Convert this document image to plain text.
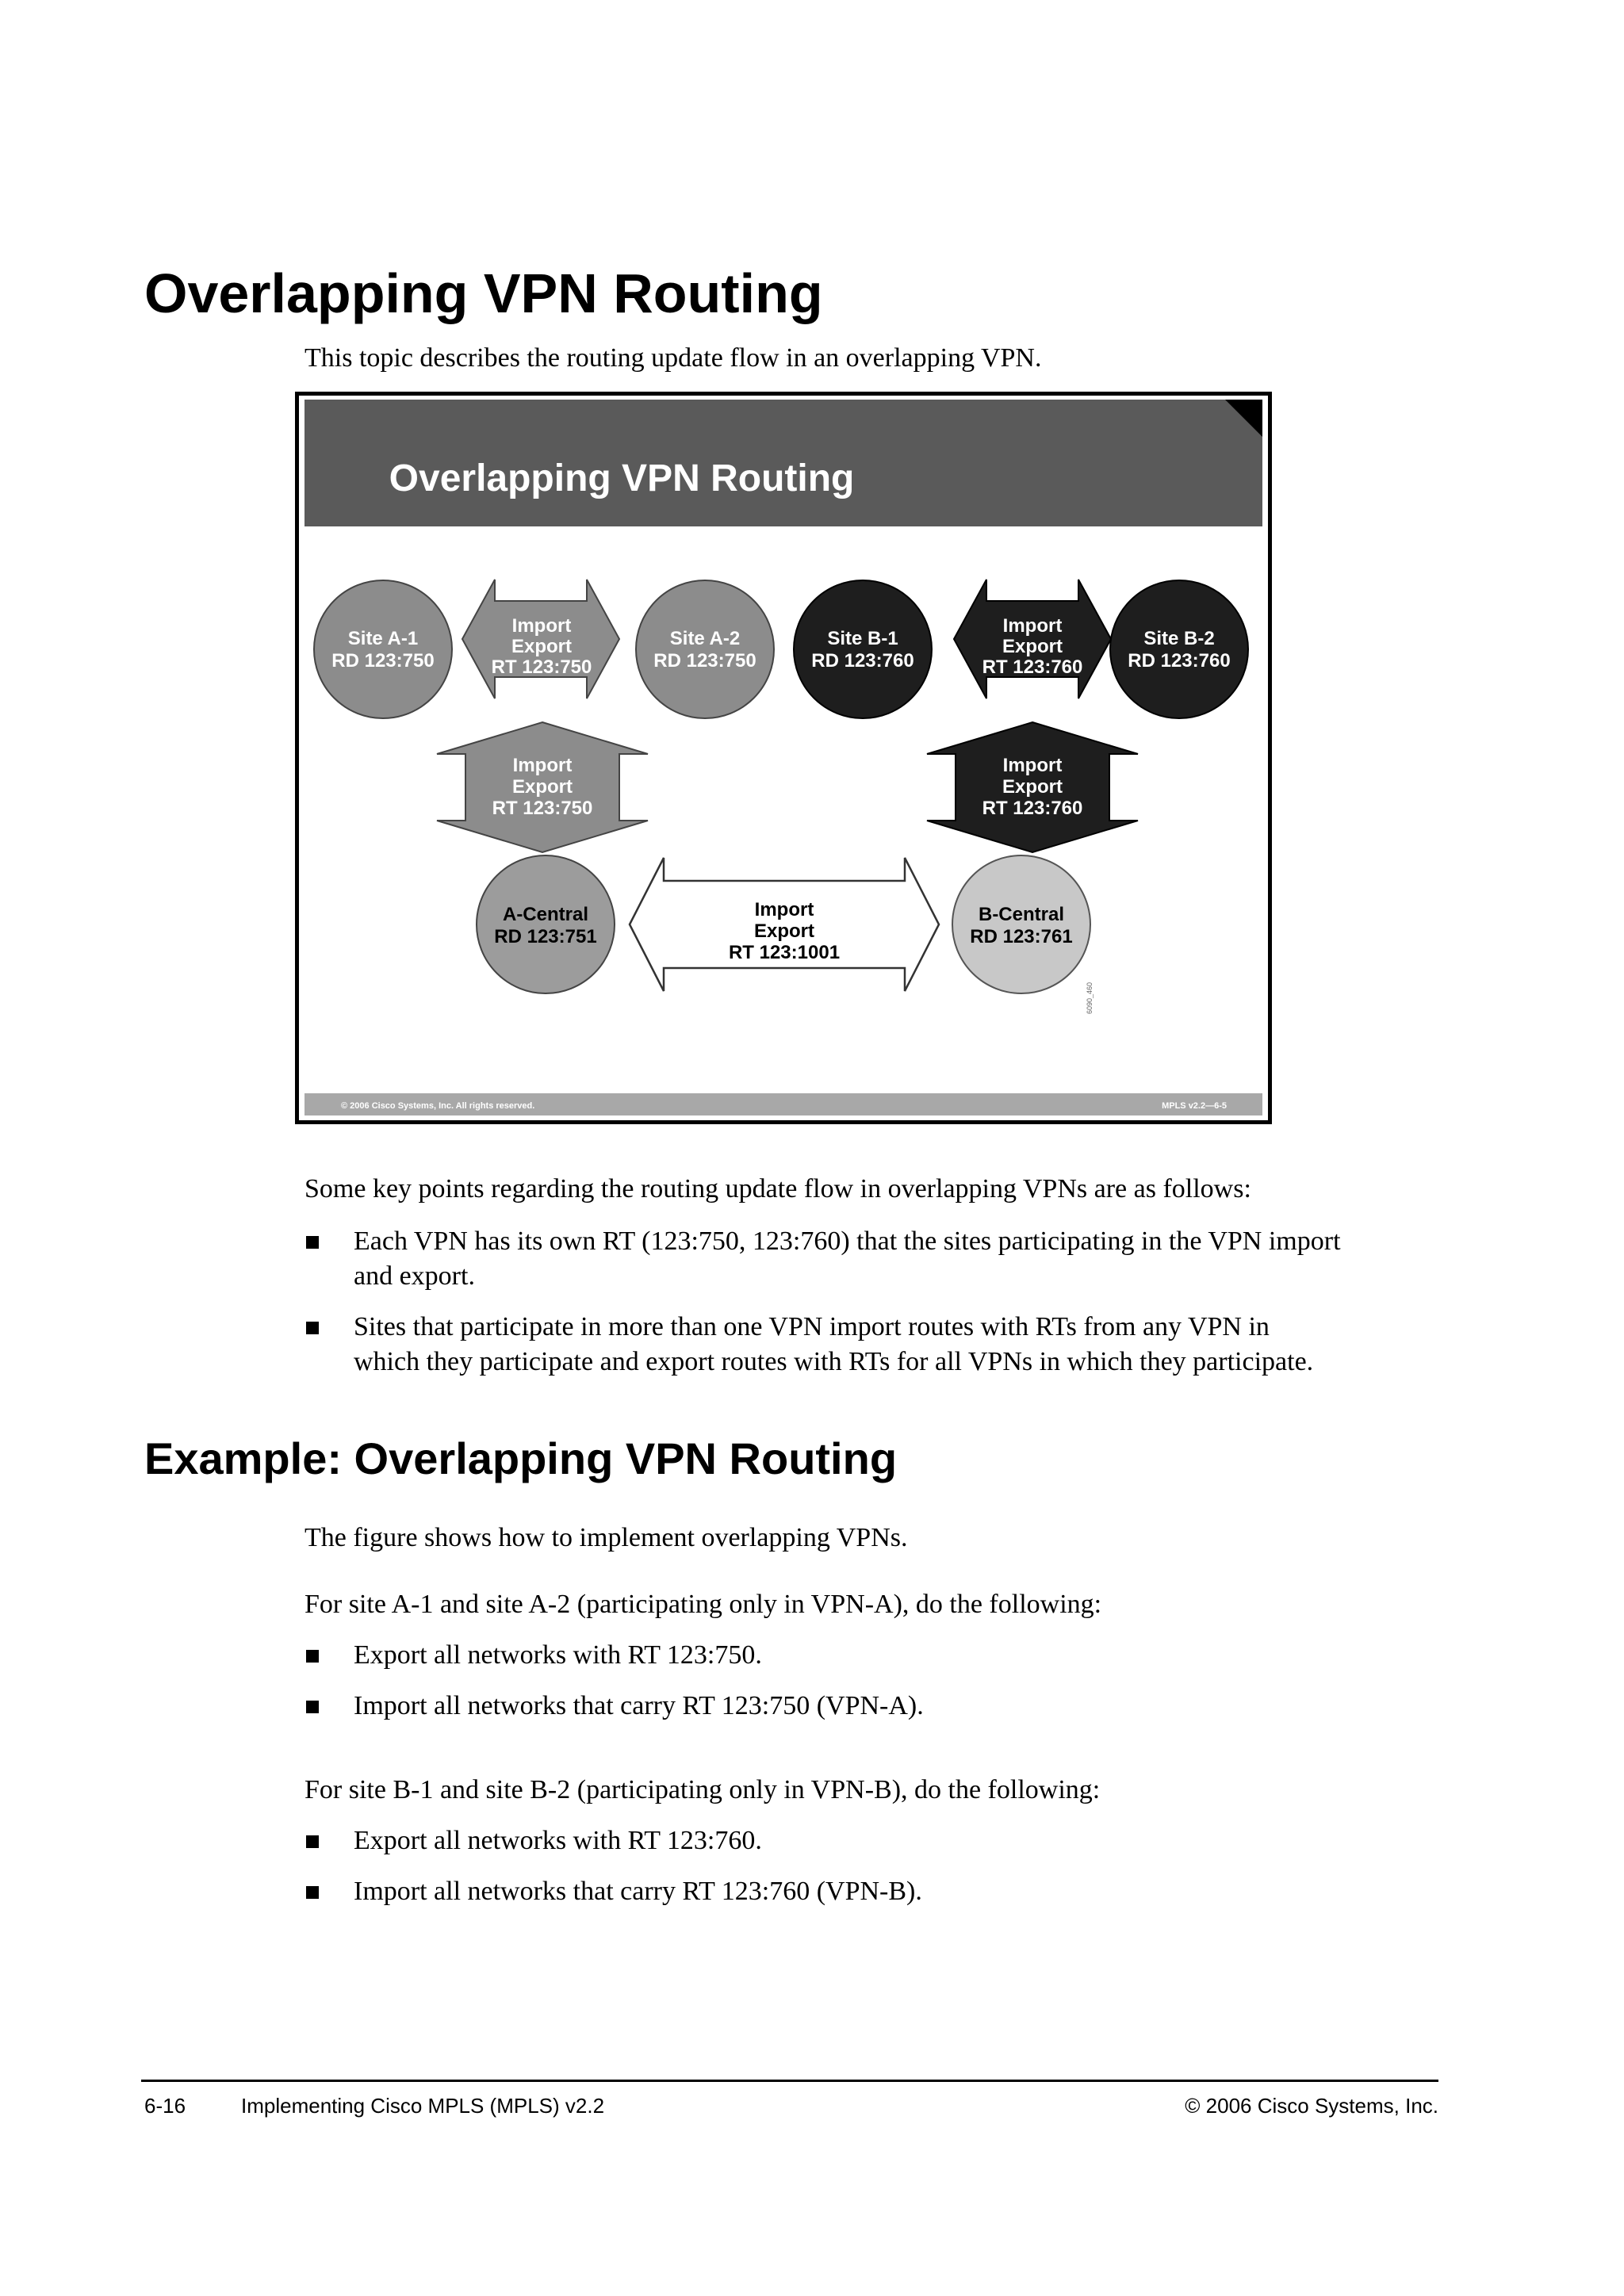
Overlapping VPN Routing

This topic describes the routing update flow in an overlapping VPN.

Overlapping VPN Routing
Import
Export
RT 123:750
Import
Export
RT 123:760
Import
Export
RT 123:750
Import
Export
RT 123:760
Import
Export
RT 123:1001
Site A-1
RD 123:750
Site A-2
RD 123:750
Site B-1
RD 123:760
Site B-2
RD 123:760
A-Central
RD 123:751
B-Central
RD 123:761
6090_460
© 2006 Cisco Systems, Inc. All rights reserved.	MPLS v2.2—6-5

Some key points regarding the routing update flow in overlapping VPNs are as follows:

Each VPN has its own RT (123:750, 123:760) that the sites participating in the VPN import
and export.
Sites that participate in more than one VPN import routes with RTs from any VPN in
which they participate and export routes with RTs for all VPNs in which they participate.
Example: Overlapping VPN Routing

The figure shows how to implement overlapping VPNs.

For site A-1 and site A-2 (participating only in VPN-A), do the following:

Export all networks with RT 123:750.
Import all networks that carry RT 123:750 (VPN-A).

For site B-1 and site B-2 (participating only in VPN-B), do the following:

Export all networks with RT 123:760.
Import all networks that carry RT 123:760 (VPN-B).

6-16	Implementing Cisco MPLS (MPLS) v2.2	© 2006 Cisco Systems, Inc.
